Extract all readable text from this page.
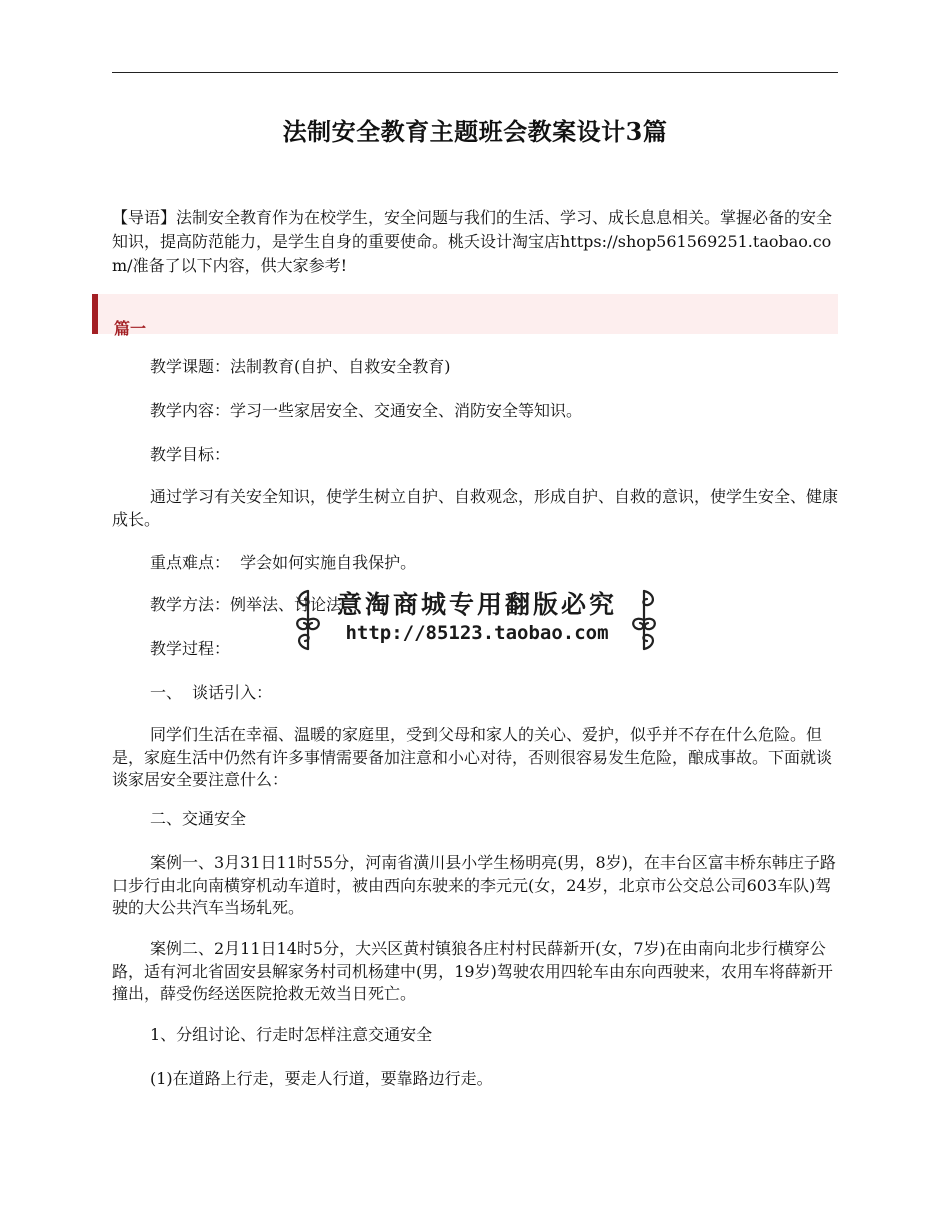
法制安全教育主题班会教案设计3篇
【导语】法制安全教育作为在校学生，安全问题与我们的生活、学习、成长息息相关。掌握必备的安全知识，提高防范能力，是学生自身的重要使命。桃夭设计淘宝店https://shop561569251.taobao.com/准备了以下内容，供大家参考!
篇一
教学课题：法制教育(自护、自救安全教育)
教学内容：学习一些家居安全、交通安全、消防安全等知识。
教学目标：
通过学习有关安全知识，使学生树立自护、自救观念，形成自护、自救的意识，使学生安全、健康成长。
重点难点：  学会如何实施自我保护。
教学方法：例举法、讨论法
教学过程：
一、  谈话引入：
同学们生活在幸福、温暖的家庭里，受到父母和家人的关心、爱护，似乎并不存在什么危险。但是，家庭生活中仍然有许多事情需要备加注意和小心对待，否则很容易发生危险，酿成事故。下面就谈谈家居安全要注意什么：
二、交通安全
案例一、3月31日11时55分，河南省潢川县小学生杨明亮(男，8岁)，在丰台区富丰桥东韩庄子路口步行由北向南横穿机动车道时，被由西向东驶来的李元元(女，24岁，北京市公交总公司603车队)驾驶的大公共汽车当场轧死。
案例二、2月11日14时5分，大兴区黄村镇狼各庄村村民薛新开(女，7岁)在由南向北步行横穿公路，适有河北省固安县解家务村司机杨建中(男，19岁)驾驶农用四轮车由东向西驶来，农用车将薛新开撞出，薛受伤经送医院抢救无效当日死亡。
1、分组讨论、行走时怎样注意交通安全
(1)在道路上行走，要走人行道，要靠路边行走。
意淘商城专用翻版必究
http://85123.taobao.com
